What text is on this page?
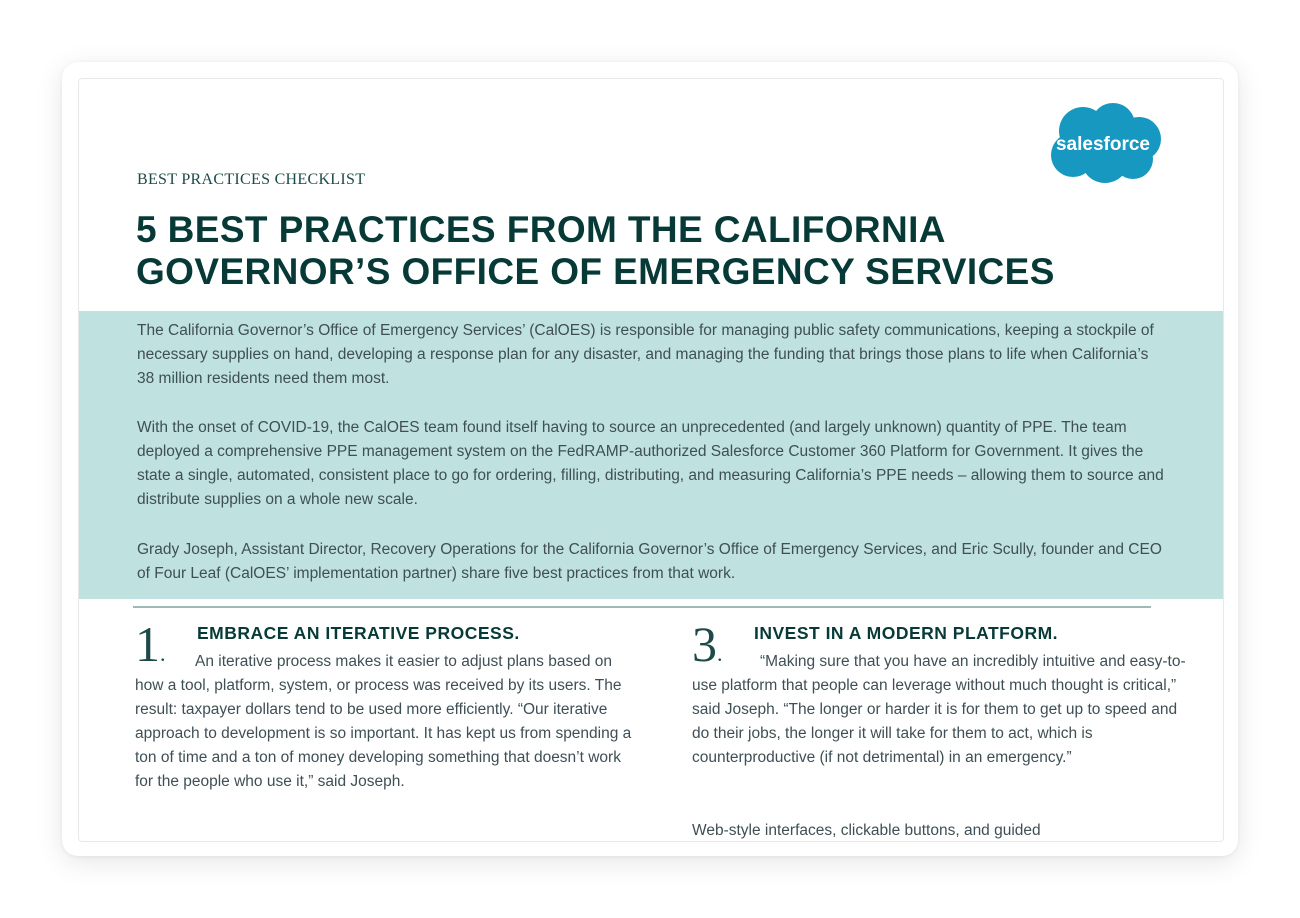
salesforce
BEST PRACTICES CHECKLIST
5 BEST PRACTICES FROM THE CALIFORNIA
GOVERNOR’S OFFICE OF EMERGENCY SERVICES

The California Governor’s Office of Emergency Services’ (CalOES) is responsible for managing public safety communications, keeping a stockpile of necessary supplies on hand, developing a response plan for any disaster, and managing the funding that brings those plans to life when California’s 38 million residents need them most.

With the onset of COVID-19, the CalOES team found itself having to source an unprecedented (and largely unknown) quantity of PPE. The team deployed a comprehensive PPE management system on the FedRAMP-authorized Salesforce Customer 360 Platform for Government. It gives the state a single, automated, consistent place to go for ordering, filling, distributing, and measuring California’s PPE needs – allowing them to source and distribute supplies on a whole new scale.

Grady Joseph, Assistant Director, Recovery Operations for the California Governor’s Office of Emergency Services, and Eric Scully, founder and CEO of Four Leaf (CalOES’ implementation partner) share five best practices from that work.

1.
EMBRACE AN ITERATIVE PROCESS.

An iterative process makes it easier to adjust plans based on how a tool, platform, system, or process was received by its users. The result: taxpayer dollars tend to be used more efficiently. “Our iterative approach to development is so important. It has kept us from spending a ton of time and a ton of money developing something that doesn’t work for the people who use it,” said Joseph.

3.
INVEST IN A MODERN PLATFORM.

“Making sure that you have an incredibly intuitive and easy-to-use platform that people can leverage without much thought is critical,” said Joseph. “The longer or harder it is for them to get up to speed and do their jobs, the longer it will take for them to act, which is counterproductive (if not detrimental) in an emergency.”

Web-style interfaces, clickable buttons, and guided
